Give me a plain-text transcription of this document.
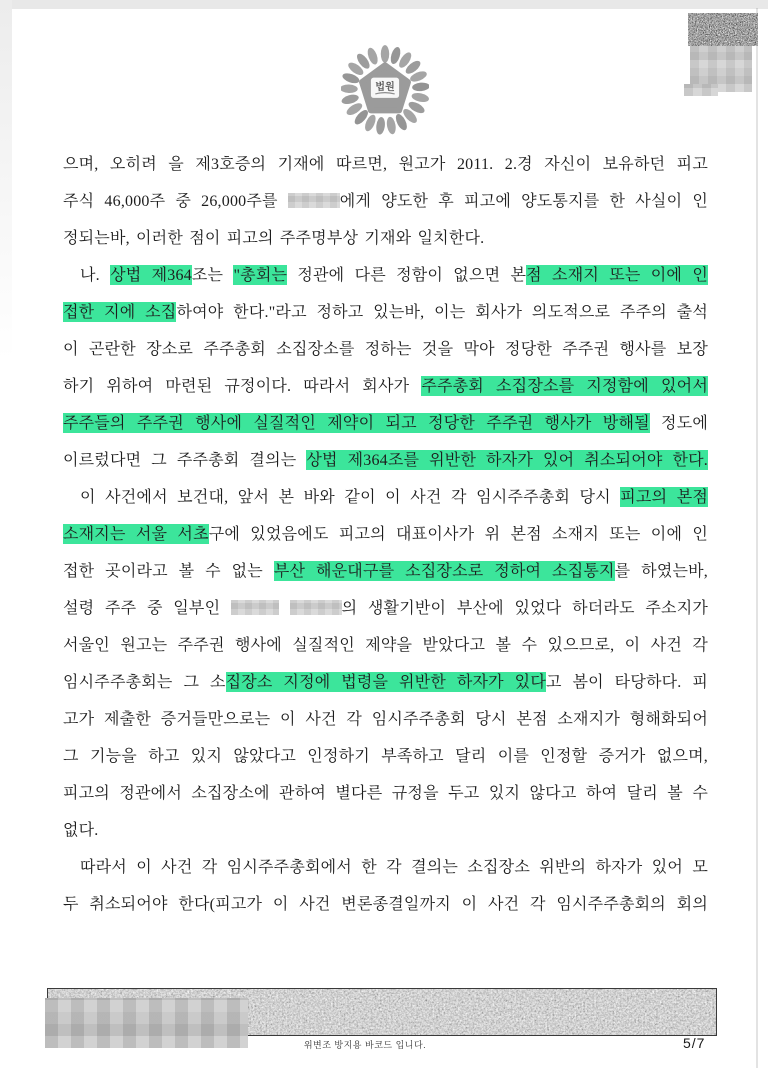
법원
으며, 오히려 을 제3호증의 기재에 따르면, 원고가 2011. 2.경 자신이 보유하던 피고
주식 46,000주 중 26,000주를	에게 양도한 후 피고에 양도통지를 한 사실이 인
정되는바, 이러한 점이 피고의 주주명부상 기재와 일치한다.
나. 상법 제364조는 "총회는 정관에 다른 정함이 없으면 본점 소재지 또는 이에 인
접한 지에 소집하여야 한다."라고 정하고 있는바, 이는 회사가 의도적으로 주주의 출석
이 곤란한 장소로 주주총회 소집장소를 정하는 것을 막아 정당한 주주권 행사를 보장
하기 위하여 마련된 규정이다. 따라서 회사가 주주총회 소집장소를 지정함에 있어서
주주들의 주주권 행사에 실질적인 제약이 되고 정당한 주주권 행사가 방해될 정도에
이르렀다면 그 주주총회 결의는 상법 제364조를 위반한 하자가 있어 취소되어야 한다.
이 사건에서 보건대, 앞서 본 바와 같이 이 사건 각 임시주주총회 당시 피고의 본점
소재지는 서울 서초구에 있었음에도 피고의 대표이사가 위 본점 소재지 또는 이에 인
접한 곳이라고 볼 수 없는 부산 해운대구를 소집장소로 정하여 소집통지를 하였는바,
설령 주주 중 일부인	의 생활기반이 부산에 있었다 하더라도 주소지가
서울인 원고는 주주권 행사에 실질적인 제약을 받았다고 볼 수 있으므로, 이 사건 각
임시주주총회는 그 소집장소 지정에 법령을 위반한 하자가 있다고 봄이 타당하다. 피
고가 제출한 증거들만으로는 이 사건 각 임시주주총회 당시 본점 소재지가 형해화되어
그 기능을 하고 있지 않았다고 인정하기 부족하고 달리 이를 인정할 증거가 없으며,
피고의 정관에서 소집장소에 관하여 별다른 규정을 두고 있지 않다고 하여 달리 볼 수
없다.
따라서 이 사건 각 임시주주총회에서 한 각 결의는 소집장소 위반의 하자가 있어 모
두 취소되어야 한다(피고가 이 사건 변론종결일까지 이 사건 각 임시주주총회의 회의
위변조 방지용 바코드 입니다.	5/7
